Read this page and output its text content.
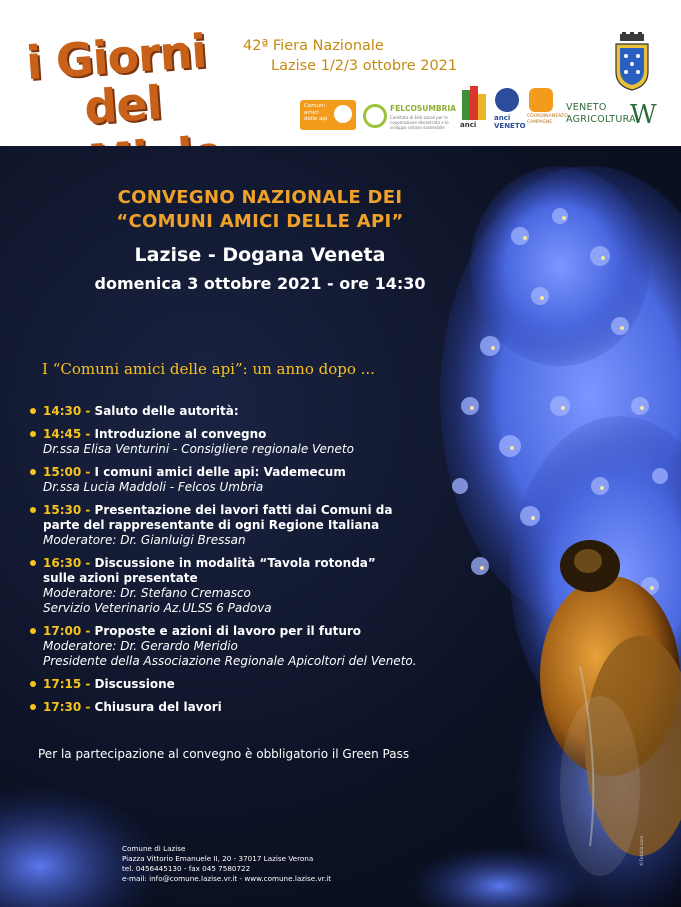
i Giorni
del
42ª Fiera Nazionale
Lazise 1/2/3 ottobre 2021
Comuni amici delle api
FELCOSUMBRIA
Comitato di Enti Locali per la cooperazione decentrata e lo sviluppo umano sostenibile	anci
anci VENETO
COORDINAMENTO CAMPAGNE
VENETO
AGRICOLTURA
W
CONVEGNO NAZIONALE DEI
“COMUNI AMICI DELLE API”
Lazise - Dogana Veneta
domenica 3 ottobre 2021 - ore 14:30
I “Comuni amici delle api”: un anno dopo ...
14:30 - Saluto delle autorità:
14:45 - Introduzione al convegno
Dr.ssa Elisa Venturini - Consigliere regionale Veneto
15:00 - I comuni amici delle api: Vademecum
Dr.ssa Lucia Maddoli - Felcos Umbria
15:30 - Presentazione dei lavori fatti dai Comuni da
parte del rappresentante di ogni Regione Italiana
Moderatore: Dr. Gianluigi Bressan
16:30 - Discussione in modalità “Tavola rotonda”
sulle azioni presentate
Moderatore: Dr. Stefano Cremasco
Servizio Veterinario Az.ULSS 6 Padova
17:00 - Proposte e azioni di lavoro per il futuro
Moderatore: Dr. Gerardo Meridio
Presidente della Associazione Regionale Apicoltori del Veneto.
17:15 - Discussione
17:30 - Chiusura del lavori
Per la partecipazione al convegno è obbligatorio il Green Pass
Comune di Lazise
Piazza Vittorio Emanuele II, 20 - 37017 Lazise Verona
tel. 0456445130 - fax 045 7580722
e-mail: info@comune.lazise.vr.it - www.comune.lazise.vr.it
©Fotolia.com
